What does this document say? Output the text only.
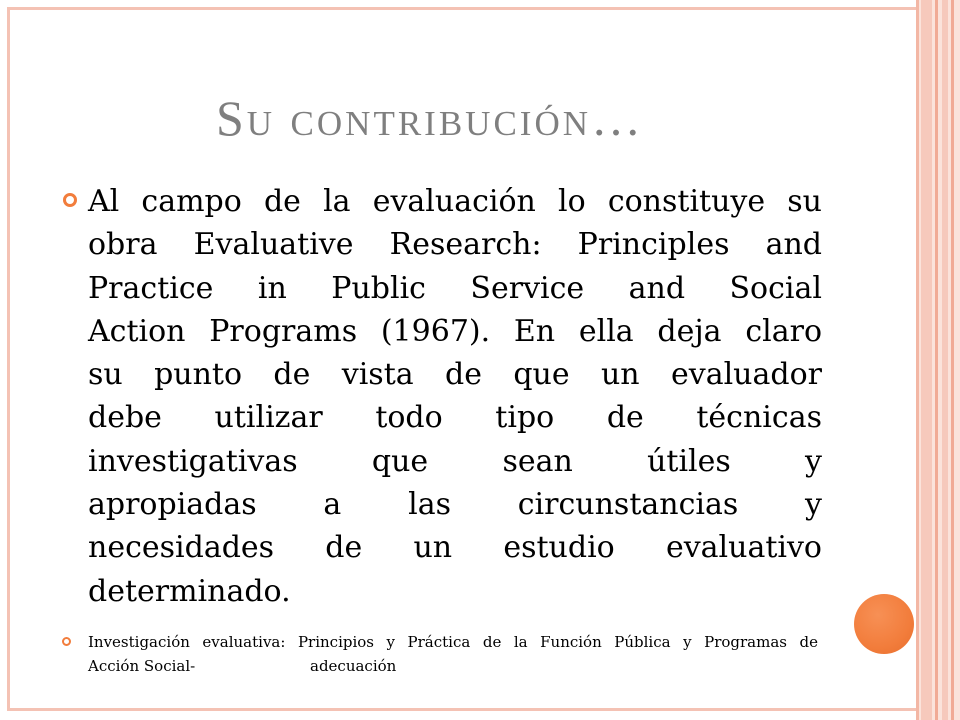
Su contribución…
Al campo de la evaluación lo constituye su
obra Evaluative Research: Principles and
Practice in Public Service and Social
Action Programs (1967). En ella deja claro
su punto de vista de que un evaluador
debe utilizar todo tipo de técnicas
investigativas que sean útiles y
apropiadas a las circunstancias y
necesidades de un estudio evaluativo
determinado.
Investigación evaluativa: Principios y Práctica de la Función Pública y Programas de
Acción Social-	adecuación
